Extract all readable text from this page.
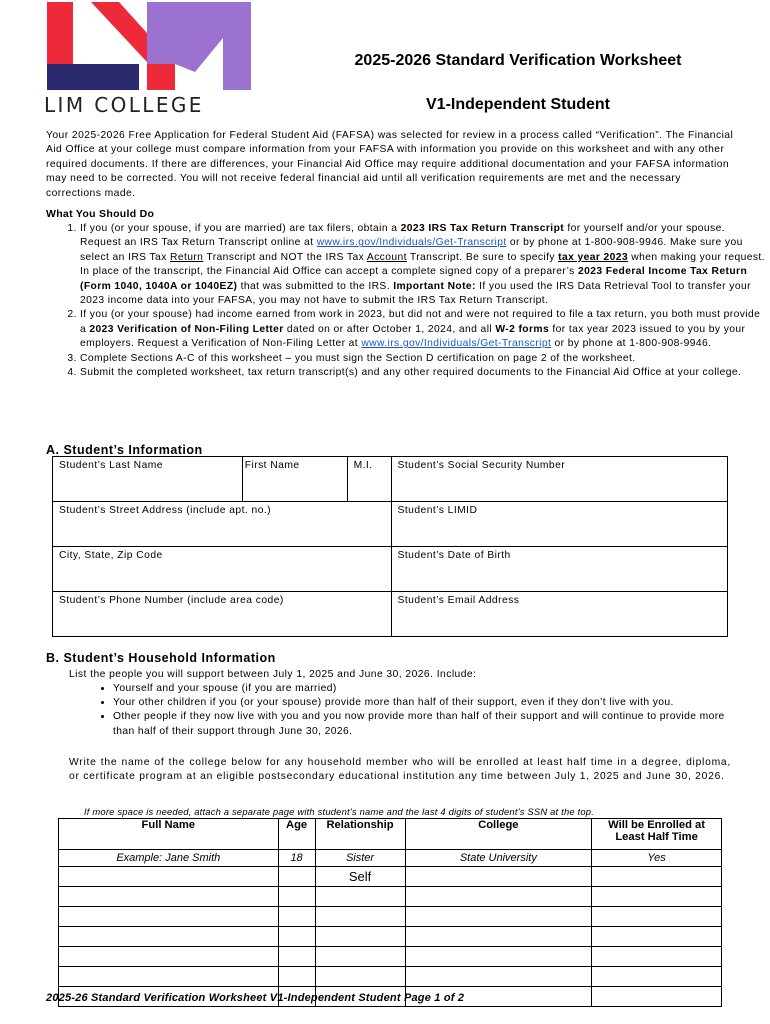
LIM COLLEGE
2025-2026 Standard Verification Worksheet
V1-Independent Student
Your 2025-2026 Free Application for Federal Student Aid (FAFSA) was selected for review in a process called “Verification”. The Financial Aid Office at your college must compare information from your FAFSA with information you provide on this worksheet and with any other required documents. If there are differences, your Financial Aid Office may require additional documentation and your FAFSA information may need to be corrected. You will not receive federal financial aid until all verification requirements are met and the necessary corrections made.
What You Should Do
1. If you (or your spouse, if you are married) are tax filers, obtain a 2023 IRS Tax Return Transcript for yourself and/or your spouse. Request an IRS Tax Return Transcript online at www.irs.gov/Individuals/Get-Transcript or by phone at 1-800-908-9946. Make sure you select an IRS Tax Return Transcript and NOT the IRS Tax Account Transcript. Be sure to specify tax year 2023 when making your request. In place of the transcript, the Financial Aid Office can accept a complete signed copy of a preparer’s 2023 Federal Income Tax Return (Form 1040, 1040A or 1040EZ) that was submitted to the IRS. Important Note: If you used the IRS Data Retrieval Tool to transfer your 2023 income data into your FAFSA, you may not have to submit the IRS Tax Return Transcript.
2. If you (or your spouse) had income earned from work in 2023, but did not and were not required to file a tax return, you both must provide a 2023 Verification of Non-Filing Letter dated on or after October 1, 2024, and all W-2 forms for tax year 2023 issued to you by your employers. Request a Verification of Non-Filing Letter at www.irs.gov/Individuals/Get-Transcript or by phone at 1-800-908-9946.
3. Complete Sections A-C of this worksheet – you must sign the Section D certification on page 2 of the worksheet.
4. Submit the completed worksheet, tax return transcript(s) and any other required documents to the Financial Aid Office at your college.
A. Student’s Information
Student’s Last Name	First Name	M.I.	Student’s Social Security Number

Student’s Street Address (include apt. no.)			Student’s LIMID

City, State, Zip Code			Student’s Date of Birth

Student’s Phone Number (include area code)			Student’s Email Address
B. Student’s Household Information
List the people you will support between July 1, 2025 and June 30, 2026. Include:
• Yourself and your spouse (if you are married)
• Your other children if you (or your spouse) provide more than half of their support, even if they don’t live with you.
• Other people if they now live with you and you now provide more than half of their support and will continue to provide more than half of their support through June 30, 2026.
Write the name of the college below for any household member who will be enrolled at least half time in a degree, diploma, or certificate program at an eligible postsecondary educational institution any time between July 1, 2025 and June 30, 2026.
If more space is needed, attach a separate page with student’s name and the last 4 digits of student’s SSN at the top.
Full Name	Age	Relationship	College	Will be Enrolled at Least Half Time
Example: Jane Smith	18	Sister	State University	Yes
		Self		

2025-26 Standard Verification Worksheet V1-Independent Student Page 1 of 2
